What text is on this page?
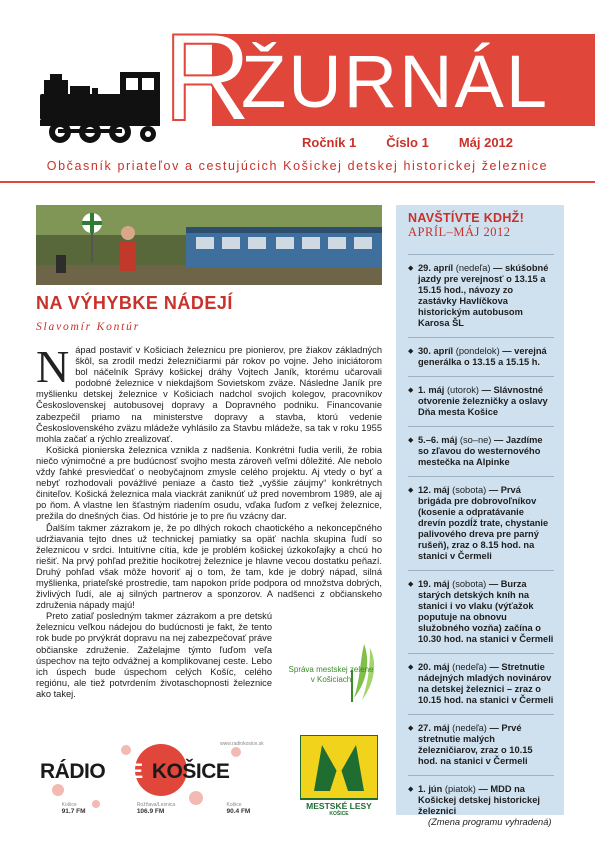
R
ŽURNÁL
Ročník 1 Číslo 1 Máj 2012
Občasník priateľov a cestujúcich Košickej detskej historickej železnice
NA VÝHYBKE NÁDEJÍ
Slavomír Kontúr

Nápad postaviť v Košiciach železnicu pre pionierov, pre žiakov základných škôl, sa zrodil medzi železničiarmi pár rokov po vojne. Jeho iniciátorom bol náčelník Správy košickej dráhy Vojtech Janík, ktorému učarovali podobné železnice v niekdajšom Sovietskom zväze. Následne Janík pre myšlienku detskej železnice v Košiciach nadchol svojich kolegov, pracovníkov Československej autobusovej dopravy a Dopravného podniku. Financovanie zabezpečil priamo na ministerstve dopravy a stavba, ktorú vedenie Československého zväzu mládeže vyhlásilo za Stavbu mládeže, sa tak v roku 1955 mohla začať a rýchlo zrealizovať.

Košická pionierska železnica vznikla z nadšenia. Konkrétni ľudia verili, že robia niečo výnimočné a pre budúcnosť svojho mesta zároveň veľmi dôležité. Ale nebolo vždy ľahké presviedčať o neobyčajnom zmysle celého projektu. Aj vtedy o byť a nebyť rozhodovali povážlivé peniaze a často tiež „vyššie záujmy“ konkrétnych činiteľov. Košická železnica mala viackrát zaniknúť už pred novembrom 1989, ale aj po ňom. A vlastne len šťastným riadením osudu, vďaka ľuďom z veľkej železnice, prežila do dnešných čias. Od histórie je to pre ňu vzácny dar.

Ďalším takmer zázrakom je, že po dlhých rokoch chaotického a nekoncepčného udržiavania tejto dnes už technickej pamiatky sa opäť nachla skupina ľudí so železnicou v srdci. Intuitívne cítia, kde je problém košickej úzkokoľajky a chcú ho riešiť. Na prvý pohľad prežitie hocikotrej železnice je hlavne vecou dostatku peňazí. Druhý pohľad však môže hovoriť aj o tom, že tam, kde je dobrý nápad, silná myšlienka, priateľské prostredie, tam napokon príde podpora od množstva dobrých, živlivých ľudí, ale aj silných partnerov a sponzorov. A nadšenci z občianskeho združenia nápady majú!

Preto zatiaľ posledným takmer zázrakom a pre detskú železnicu veľkou nádejou do budúcnosti je fakt, že tento rok bude po prvýkrát dopravu na nej zabezpečovať práve občianske združenie. Zaželajme týmto ľuďom veľa úspechov na tejto odvážnej a komplikovanej ceste. Lebo ich úspech bude úspechom celých Košíc, celého regiónu, ale tiež potvrdením životaschopnosti železnice ako takej.

Správa mestskej zelene
v Košiciach
www.radiokosice.sk
RÁDIO KE KOŠICE
Košice
91.7 FM
Rožňava/Lesnica
106.9 FM
Košice
90.4 FM
MESTSKÉ LESY
KOŠICE
NAVŠTÍVTE KDHŽ!
APRÍL–MÁJ 2012
◆ 29. apríl (nedeľa) — skúšobné jazdy pre verejnosť o 13.15 a 15.15 hod., návozy zo zastávky Havlíčkova historickým autobusom Karosa ŠL
◆ 30. apríl (pondelok) — verejná generálka o 13.15 a 15.15 h.
◆ 1. máj (utorok) — Slávnostné otvorenie železničky a oslavy Dňa mesta Košice
◆ 5.–6. máj (so–ne) — Jazdíme so zľavou do westernového mestečka na Alpinke
◆ 12. máj (sobota) — Prvá brigáda pre dobrovoľníkov (kosenie a odpratávanie drevín pozdĺž trate, chystanie palivového dreva pre parný rušeň), zraz o 8.15 hod. na stanici v Čermeli
◆ 19. máj (sobota) — Burza starých detských kníh na stanici i vo vlaku (výťažok poputuje na obnovu služobného vozňa) začína o 10.30 hod. na stanici v Čermeli
◆ 20. máj (nedeľa) — Stretnutie nádejných mladých novinárov na detskej železnici – zraz o 10.15 hod. na stanici v Čermeli
◆ 27. máj (nedeľa) — Prvé stretnutie malých železničiarov, zraz o 10.15 hod. na stanici v Čermeli
◆ 1. jún (piatok) — MDD na Košickej detskej historickej železnici
(Zmena programu vyhradená)
